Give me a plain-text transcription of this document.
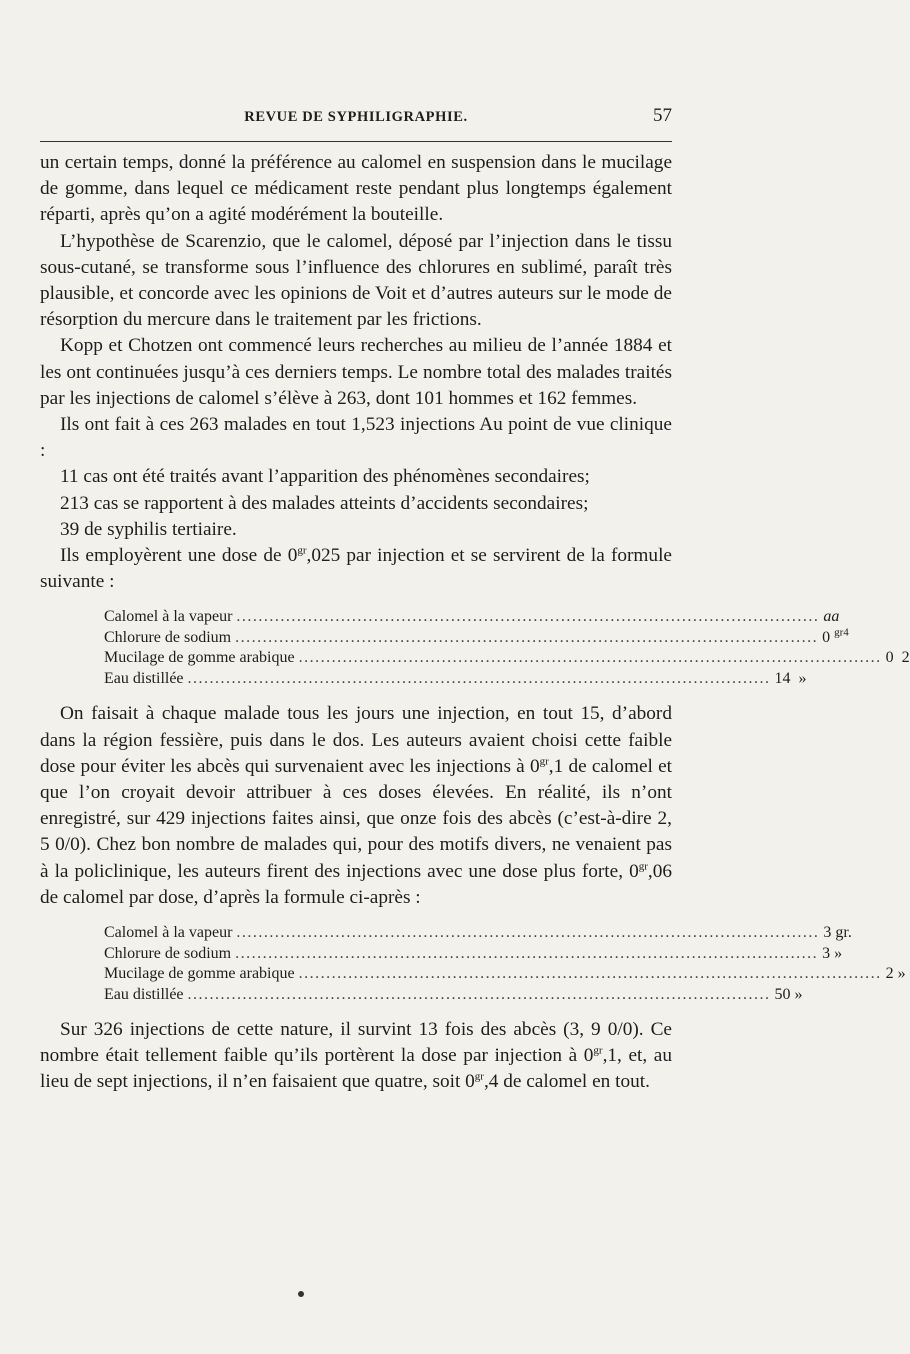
REVUE DE SYPHILIGRAPHIE.	57

un certain temps, donné la préférence au calomel en suspension dans le mucilage de gomme, dans lequel ce médicament reste pendant plus longtemps également réparti, après qu’on a agité modérément la bouteille.

L’hypothèse de Scarenzio, que le calomel, déposé par l’injection dans le tissu sous-cutané, se transforme sous l’influence des chlorures en sublimé, paraît très plausible, et concorde avec les opinions de Voit et d’autres auteurs sur le mode de résorption du mercure dans le traitement par les frictions.

Kopp et Chotzen ont commencé leurs recherches au milieu de l’année 1884 et les ont continuées jusqu’à ces derniers temps. Le nombre total des malades traités par les injections de calomel s’élève à 263, dont 101 hommes et 162 femmes.

Ils ont fait à ces 263 malades en tout 1,523 injections Au point de vue clinique :

11 cas ont été traités avant l’apparition des phénomènes secondaires;

213 cas se rapportent à des malades atteints d’accidents secondaires;

39 de syphilis tertiaire.

Ils employèrent une dose de $0^{gr},025$ par injection et se servirent de la formule suivante :

Calomel à la vapeur .......................................................................................................... aa
Chlorure de sodium .......................................................................................................... 0 $^{gr4}$
Mucilage de gomme arabique .......................................................................................................... 0 2
Eau distillée .......................................................................................................... 14 »

On faisait à chaque malade tous les jours une injection, en tout 15, d’abord dans la région fessière, puis dans le dos. Les auteurs avaient choisi cette faible dose pour éviter les abcès qui survenaient avec les injections à $0^{gr},1$ de calomel et que l’on croyait devoir attribuer à ces doses élevées. En réalité, ils n’ont enregistré, sur 429 injections faites ainsi, que onze fois des abcès (c’est-à-dire 2, 5 0/0). Chez bon nombre de malades qui, pour des motifs divers, ne venaient pas à la policlinique, les auteurs firent des injections avec une dose plus forte, $0^{gr},06$ de calomel par dose, d’après la formule ci-après :

Calomel à la vapeur .......................................................................................................... 3 gr.
Chlorure de sodium .......................................................................................................... 3 »
Mucilage de gomme arabique .......................................................................................................... 2 »
Eau distillée .......................................................................................................... 50 »

Sur 326 injections de cette nature, il survint 13 fois des abcès (3, 9 0/0). Ce nombre était tellement faible qu’ils portèrent la dose par injection à $0^{gr},1$, et, au lieu de sept injections, il n’en faisaient que quatre, soit $0^{gr},4$ de calomel en tout.
